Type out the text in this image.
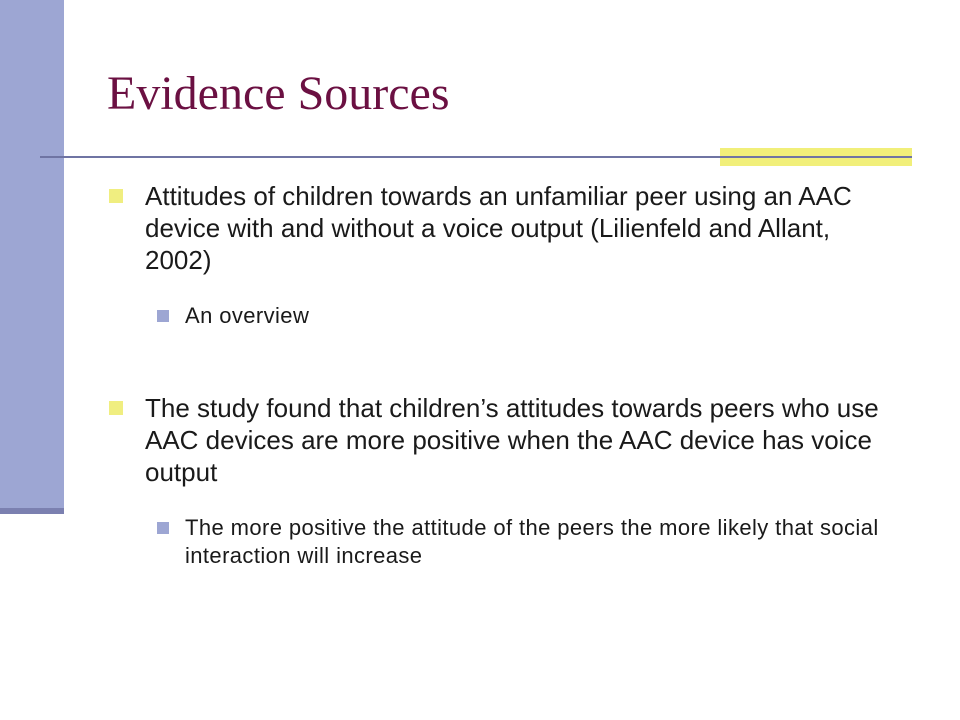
Evidence Sources
Attitudes of children towards an unfamiliar peer using an AAC device with and without a voice output (Lilienfeld and Allant, 2002)
An overview
The study found that children’s attitudes towards peers who use AAC devices are more positive when the AAC device has voice output
The more positive the attitude of the peers the more likely that social interaction will increase
